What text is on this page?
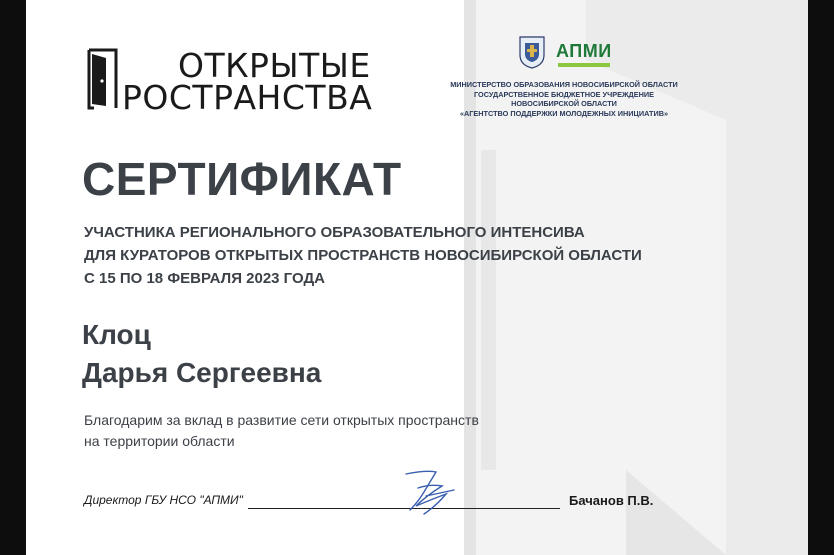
ОТКРЫТЫЕ
РОСТРАНСТВА
АПМИ
МИНИСТЕРСТВО ОБРАЗОВАНИЯ НОВОСИБИРСКОЙ ОБЛАСТИ
ГОСУДАРСТВЕННОЕ БЮДЖЕТНОЕ УЧРЕЖДЕНИЕ
НОВОСИБИРСКОЙ ОБЛАСТИ
«АГЕНТСТВО ПОДДЕРЖКИ МОЛОДЕЖНЫХ ИНИЦИАТИВ»
СЕРТИФИКАТ
УЧАСТНИКА РЕГИОНАЛЬНОГО ОБРАЗОВАТЕЛЬНОГО ИНТЕНСИВА
ДЛЯ КУРАТОРОВ ОТКРЫТЫХ ПРОСТРАНСТВ НОВОСИБИРСКОЙ ОБЛАСТИ
С 15 ПО 18 ФЕВРАЛЯ 2023 ГОДА
Клоц
Дарья Сергеевна
Благодарим за вклад в развитие сети открытых пространств
на территории области
Директор ГБУ НСО "АПМИ"	Бачанов П.В.
